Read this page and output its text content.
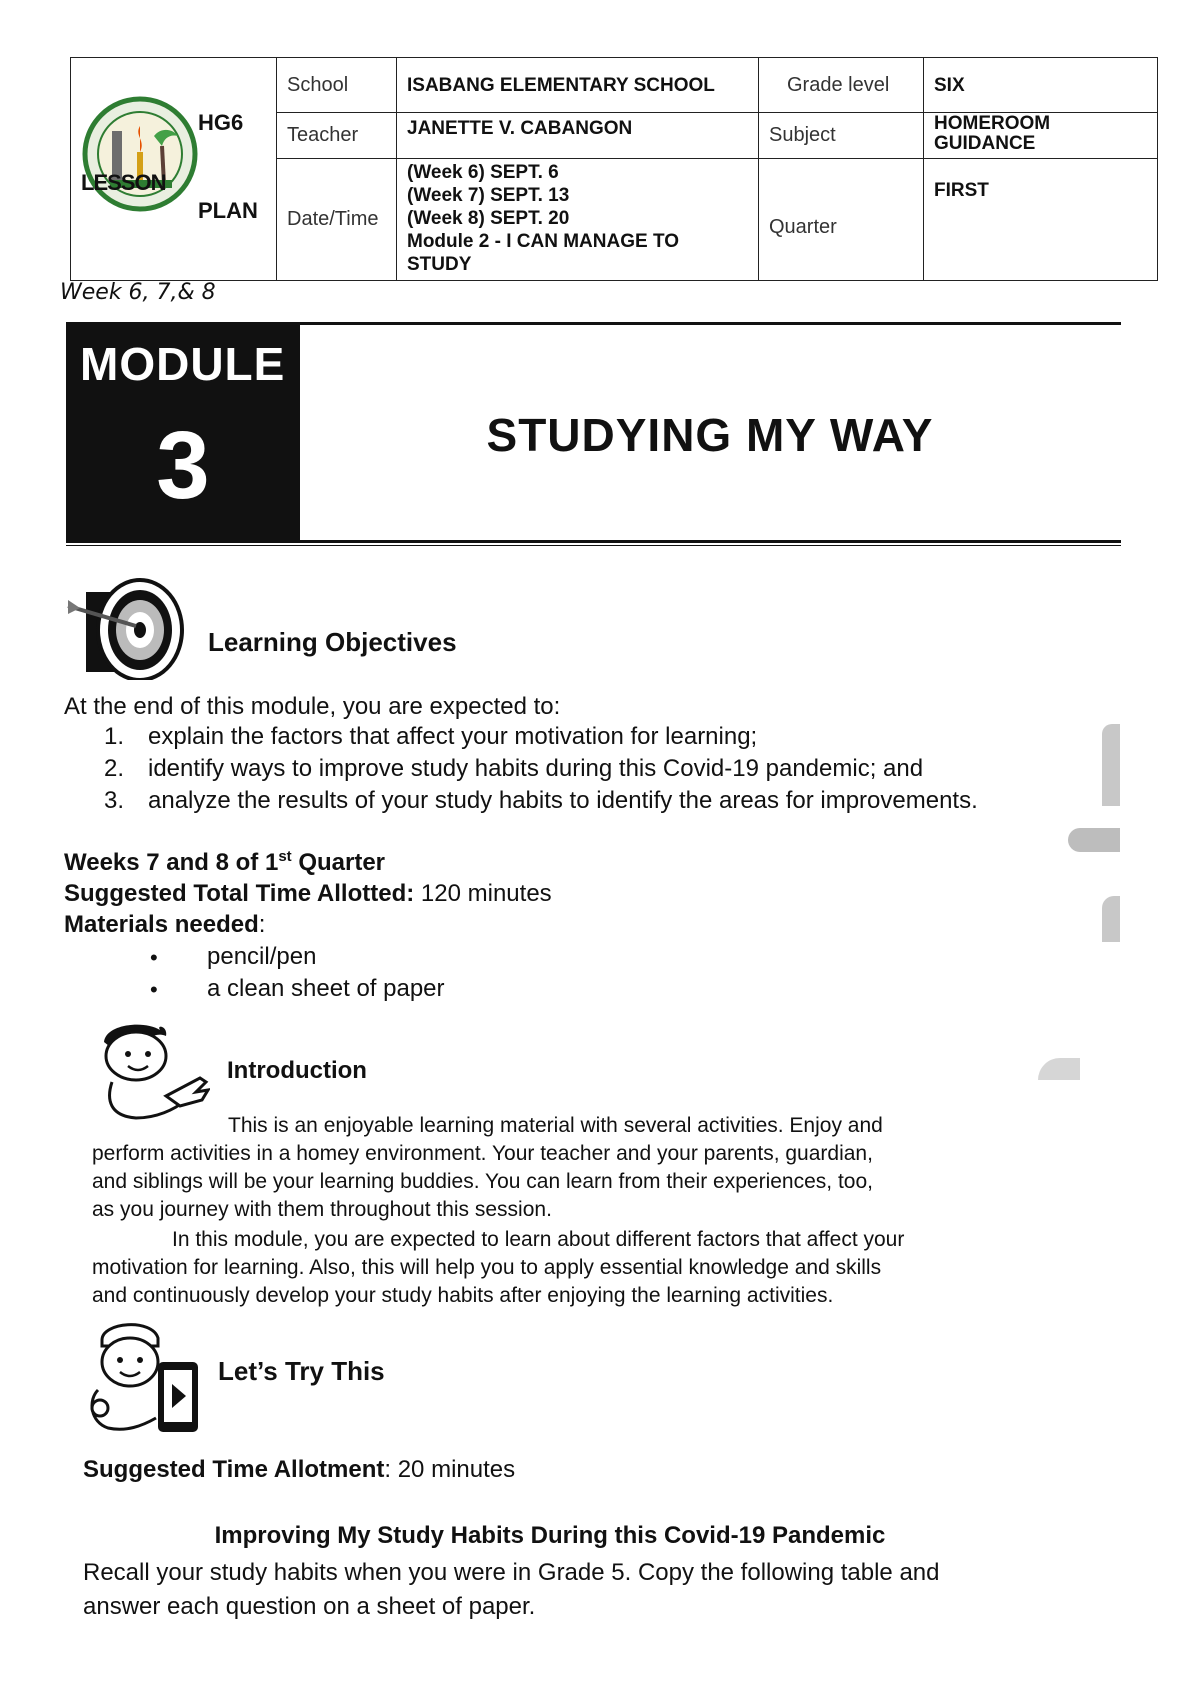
HG6
LESSON
PLAN	School	ISABANG ELEMENTARY SCHOOL	Grade level	SIX
	Teacher	JANETTE V. CABANGON	Subject	HOMEROOM
GUIDANCE

	Date/Time	(Week 6) SEPT. 6
(Week 7) SEPT. 13
(Week 8) SEPT. 20
Module 2 - I CAN MANAGE TO
STUDY	Quarter	FIRST
Week 6, 7,& 8
MODULE
3	STUDYING MY WAY
Learning Objectives
At the end of this module, you are expected to:
1. explain the factors that affect your motivation for learning;
2. identify ways to improve study habits during this Covid-19 pandemic; and
3. analyze the results of your study habits to identify the areas for improvements.
Weeks 7 and 8 of 1st Quarter
Suggested Total Time Allotted: 120 minutes
Materials needed:
• pencil/pen
• a clean sheet of paper
Introduction
This is an enjoyable learning material with several activities. Enjoy and
perform activities in a homey environment. Your teacher and your parents, guardian,
and siblings will be your learning buddies. You can learn from their experiences, too,
as you journey with them throughout this session.
In this module, you are expected to learn about different factors that affect your
motivation for learning. Also, this will help you to apply essential knowledge and skills
and continuously develop your study habits after enjoying the learning activities.
Let’s Try This
Suggested Time Allotment: 20 minutes
Improving My Study Habits During this Covid-19 Pandemic
Recall your study habits when you were in Grade 5. Copy the following table and
answer each question on a sheet of paper.
